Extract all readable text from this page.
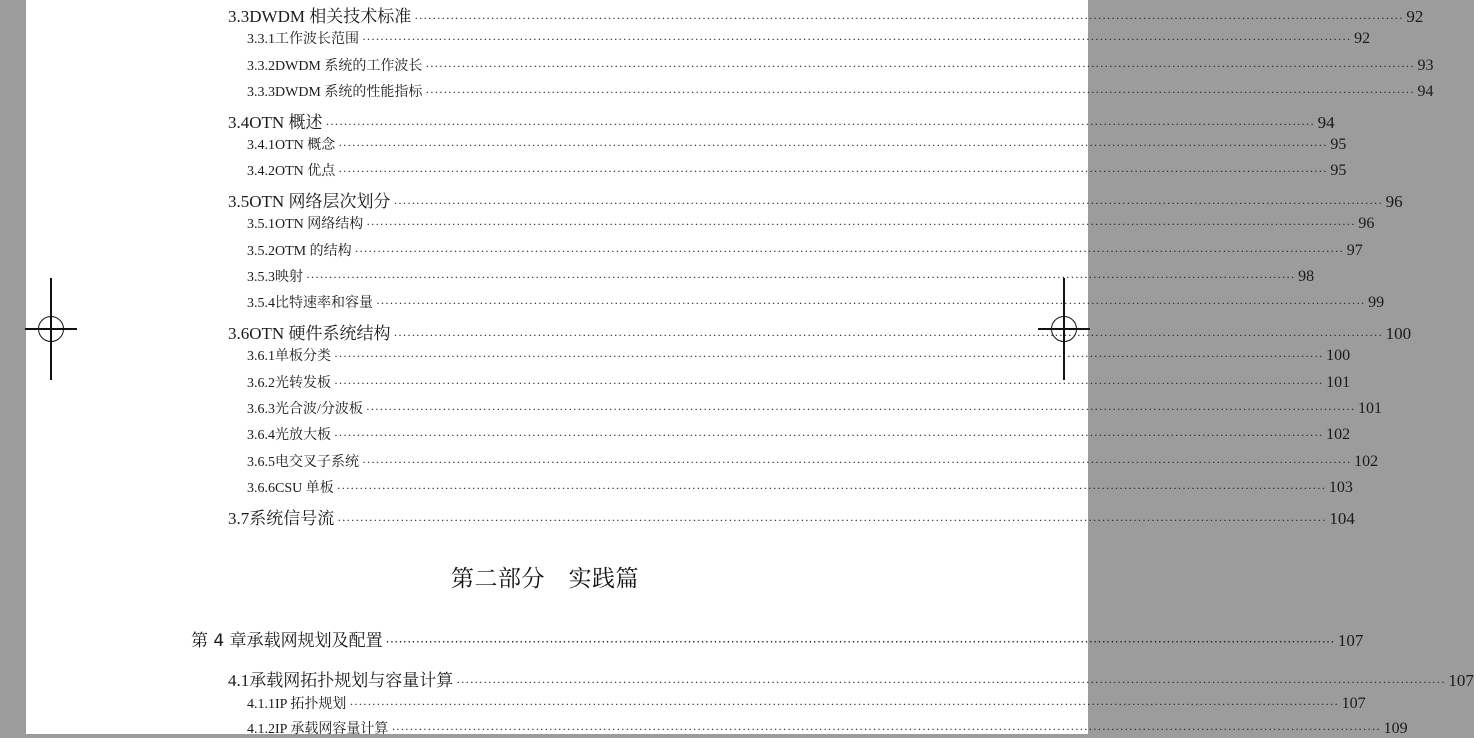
3.3 DWDM 相关技术标准 ···························································································································································································································· 92
3.3.1 工作波长范围 ···························································································································································································································· 92
3.3.2 DWDM 系统的工作波长 ···························································································································································································································· 93
3.3.3 DWDM 系统的性能指标 ···························································································································································································································· 94
3.4 OTN 概述 ···························································································································································································································· 94
3.4.1 OTN 概念 ···························································································································································································································· 95
3.4.2 OTN 优点 ···························································································································································································································· 95
3.5 OTN 网络层次划分 ···························································································································································································································· 96
3.5.1 OTN 网络结构 ···························································································································································································································· 96
3.5.2 OTM 的结构 ···························································································································································································································· 97
3.5.3 映射 ···························································································································································································································· 98
3.5.4 比特速率和容量 ···························································································································································································································· 99
3.6 OTN 硬件系统结构 ···························································································································································································································· 100
3.6.1 单板分类 ···························································································································································································································· 100
3.6.2 光转发板 ···························································································································································································································· 101
3.6.3 光合波/分波板 ···························································································································································································································· 101
3.6.4 光放大板 ···························································································································································································································· 102
3.6.5 电交叉子系统 ···························································································································································································································· 102
3.6.6 CSU 单板 ···························································································································································································································· 103
3.7 系统信号流 ···························································································································································································································· 104
第 4 章 承载网规划及配置 ···························································································································································································································· 107
4.1 承载网拓扑规划与容量计算 ···························································································································································································································· 107
4.1.1 IP 拓扑规划 ···························································································································································································································· 107
4.1.2 IP 承载网容量计算 ···························································································································································································································· 109
第二部分　实践篇
